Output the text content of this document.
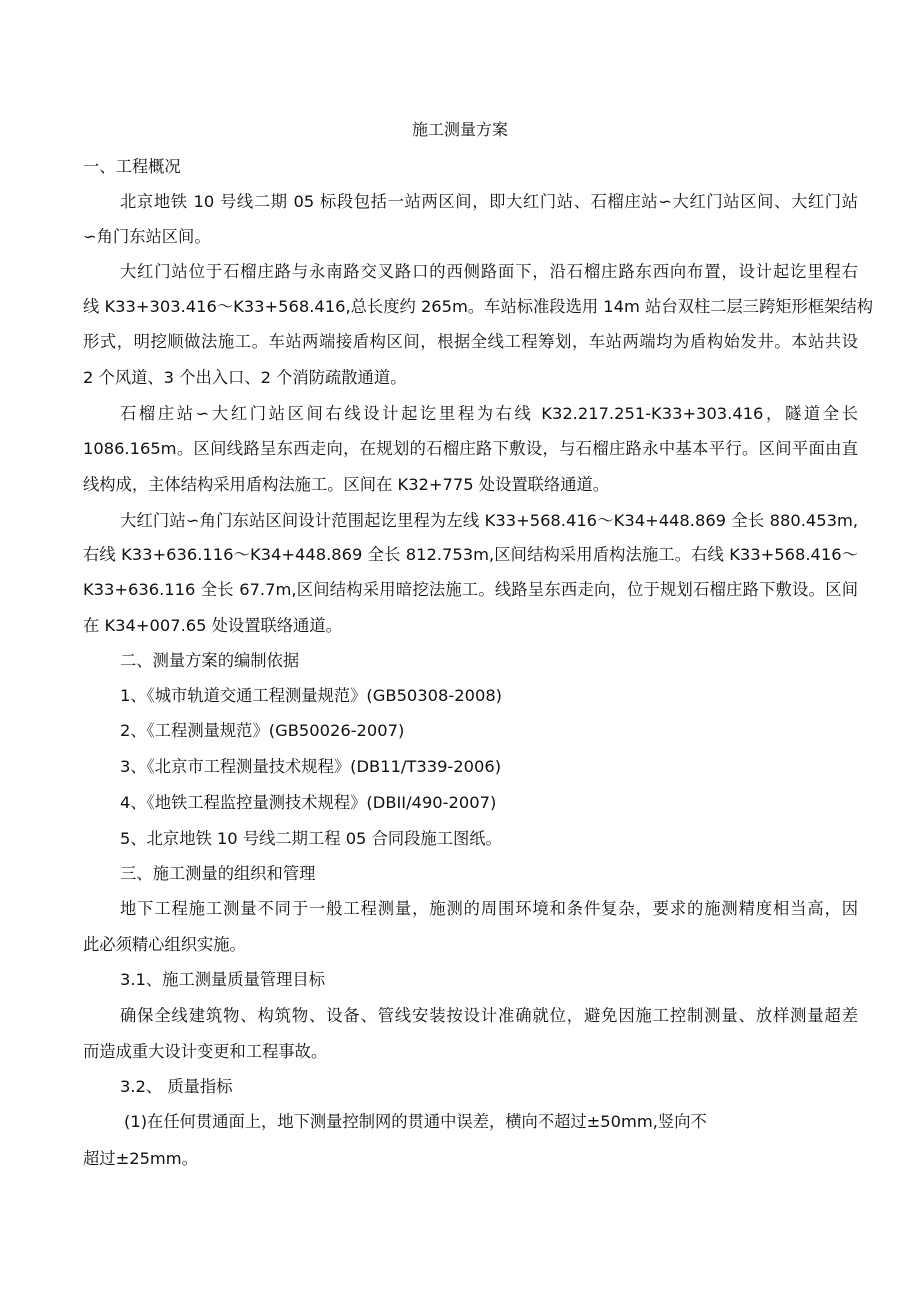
施工测量方案
一、工程概况
北京地铁 10 号线二期 05 标段包括一站两区间，即大红门站、石榴庄站∽大红门站区间、大红门站
∽角门东站区间。
大红门站位于石榴庄路与永南路交叉路口的西侧路面下，沿石榴庄路东西向布置，设计起讫里程右
线 K33+303.416～K33+568.416,总长度约 265m。车站标准段选用 14m 站台双柱二层三跨矩形框架结构
形式，明挖顺做法施工。车站两端接盾构区间，根据全线工程筹划，车站两端均为盾构始发井。本站共设
2 个风道、3 个出入口、2 个消防疏散通道。
石榴庄站∽大红门站区间右线设计起讫里程为右线 K32.217.251-K33+303.416，隧道全长
1086.165m。区间线路呈东西走向，在规划的石榴庄路下敷设，与石榴庄路永中基本平行。区间平面由直
线构成，主体结构采用盾构法施工。区间在 K32+775 处设置联络通道。
大红门站∽角门东站区间设计范围起讫里程为左线 K33+568.416～K34+448.869 全长 880.453m,
右线 K33+636.116～K34+448.869 全长 812.753m,区间结构采用盾构法施工。右线 K33+568.416～
K33+636.116 全长 67.7m,区间结构采用暗挖法施工。线路呈东西走向，位于规划石榴庄路下敷设。区间
在 K34+007.65 处设置联络通道。
二、测量方案的编制依据
1、《城市轨道交通工程测量规范》(GB50308-2008)
2、《工程测量规范》(GB50026-2007)
3、《北京市工程测量技术规程》(DB11/T339-2006)
4、《地铁工程监控量测技术规程》(DBII/490-2007)
5、北京地铁 10 号线二期工程 05 合同段施工图纸。
三、施工测量的组织和管理
地下工程施工测量不同于一般工程测量，施测的周围环境和条件复杂，要求的施测精度相当高，因
此必须精心组织实施。
3.1、施工测量质量管理目标
确保全线建筑物、构筑物、设备、管线安装按设计准确就位，避免因施工控制测量、放样测量超差
而造成重大设计变更和工程事故。
3.2、 质量指标
(1)在任何贯通面上，地下测量控制网的贯通中误差，横向不超过±50mm,竖向不
超过±25mm。
